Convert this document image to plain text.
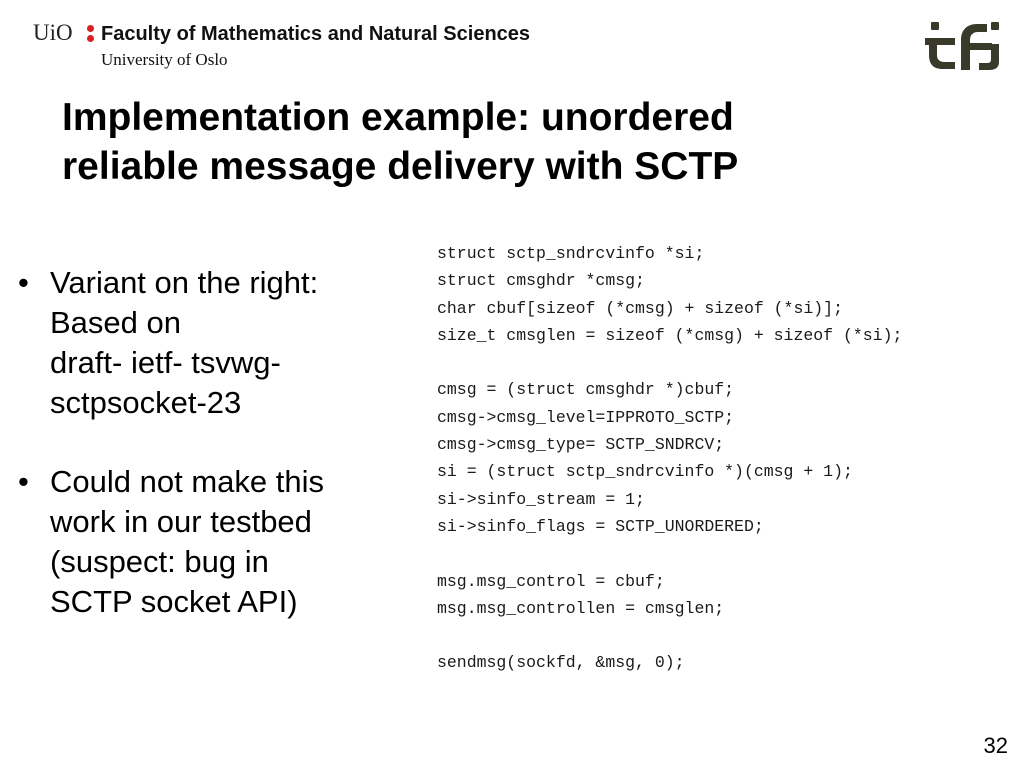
UiO Faculty of Mathematics and Natural Sciences
University of Oslo
Implementation example: unordered
reliable message delivery with SCTP
• Variant on the right:
Based on
draft- ietf- tsvwg-
sctpsocket-23
• Could not make this
work in our testbed
(suspect: bug in
SCTP socket API)
struct sctp_sndrcvinfo *si;
struct cmsghdr *cmsg;
char cbuf[sizeof (*cmsg) + sizeof (*si)];
size_t cmsglen = sizeof (*cmsg) + sizeof (*si);
cmsg = (struct cmsghdr *)cbuf;
cmsg->cmsg_level=IPPROTO_SCTP;
cmsg->cmsg_type= SCTP_SNDRCV;
si = (struct sctp_sndrcvinfo *)(cmsg + 1);
si->sinfo_stream = 1;
si->sinfo_flags = SCTP_UNORDERED;
msg.msg_control = cbuf;
msg.msg_controllen = cmsglen;
sendmsg(sockfd, &msg, 0);
32
